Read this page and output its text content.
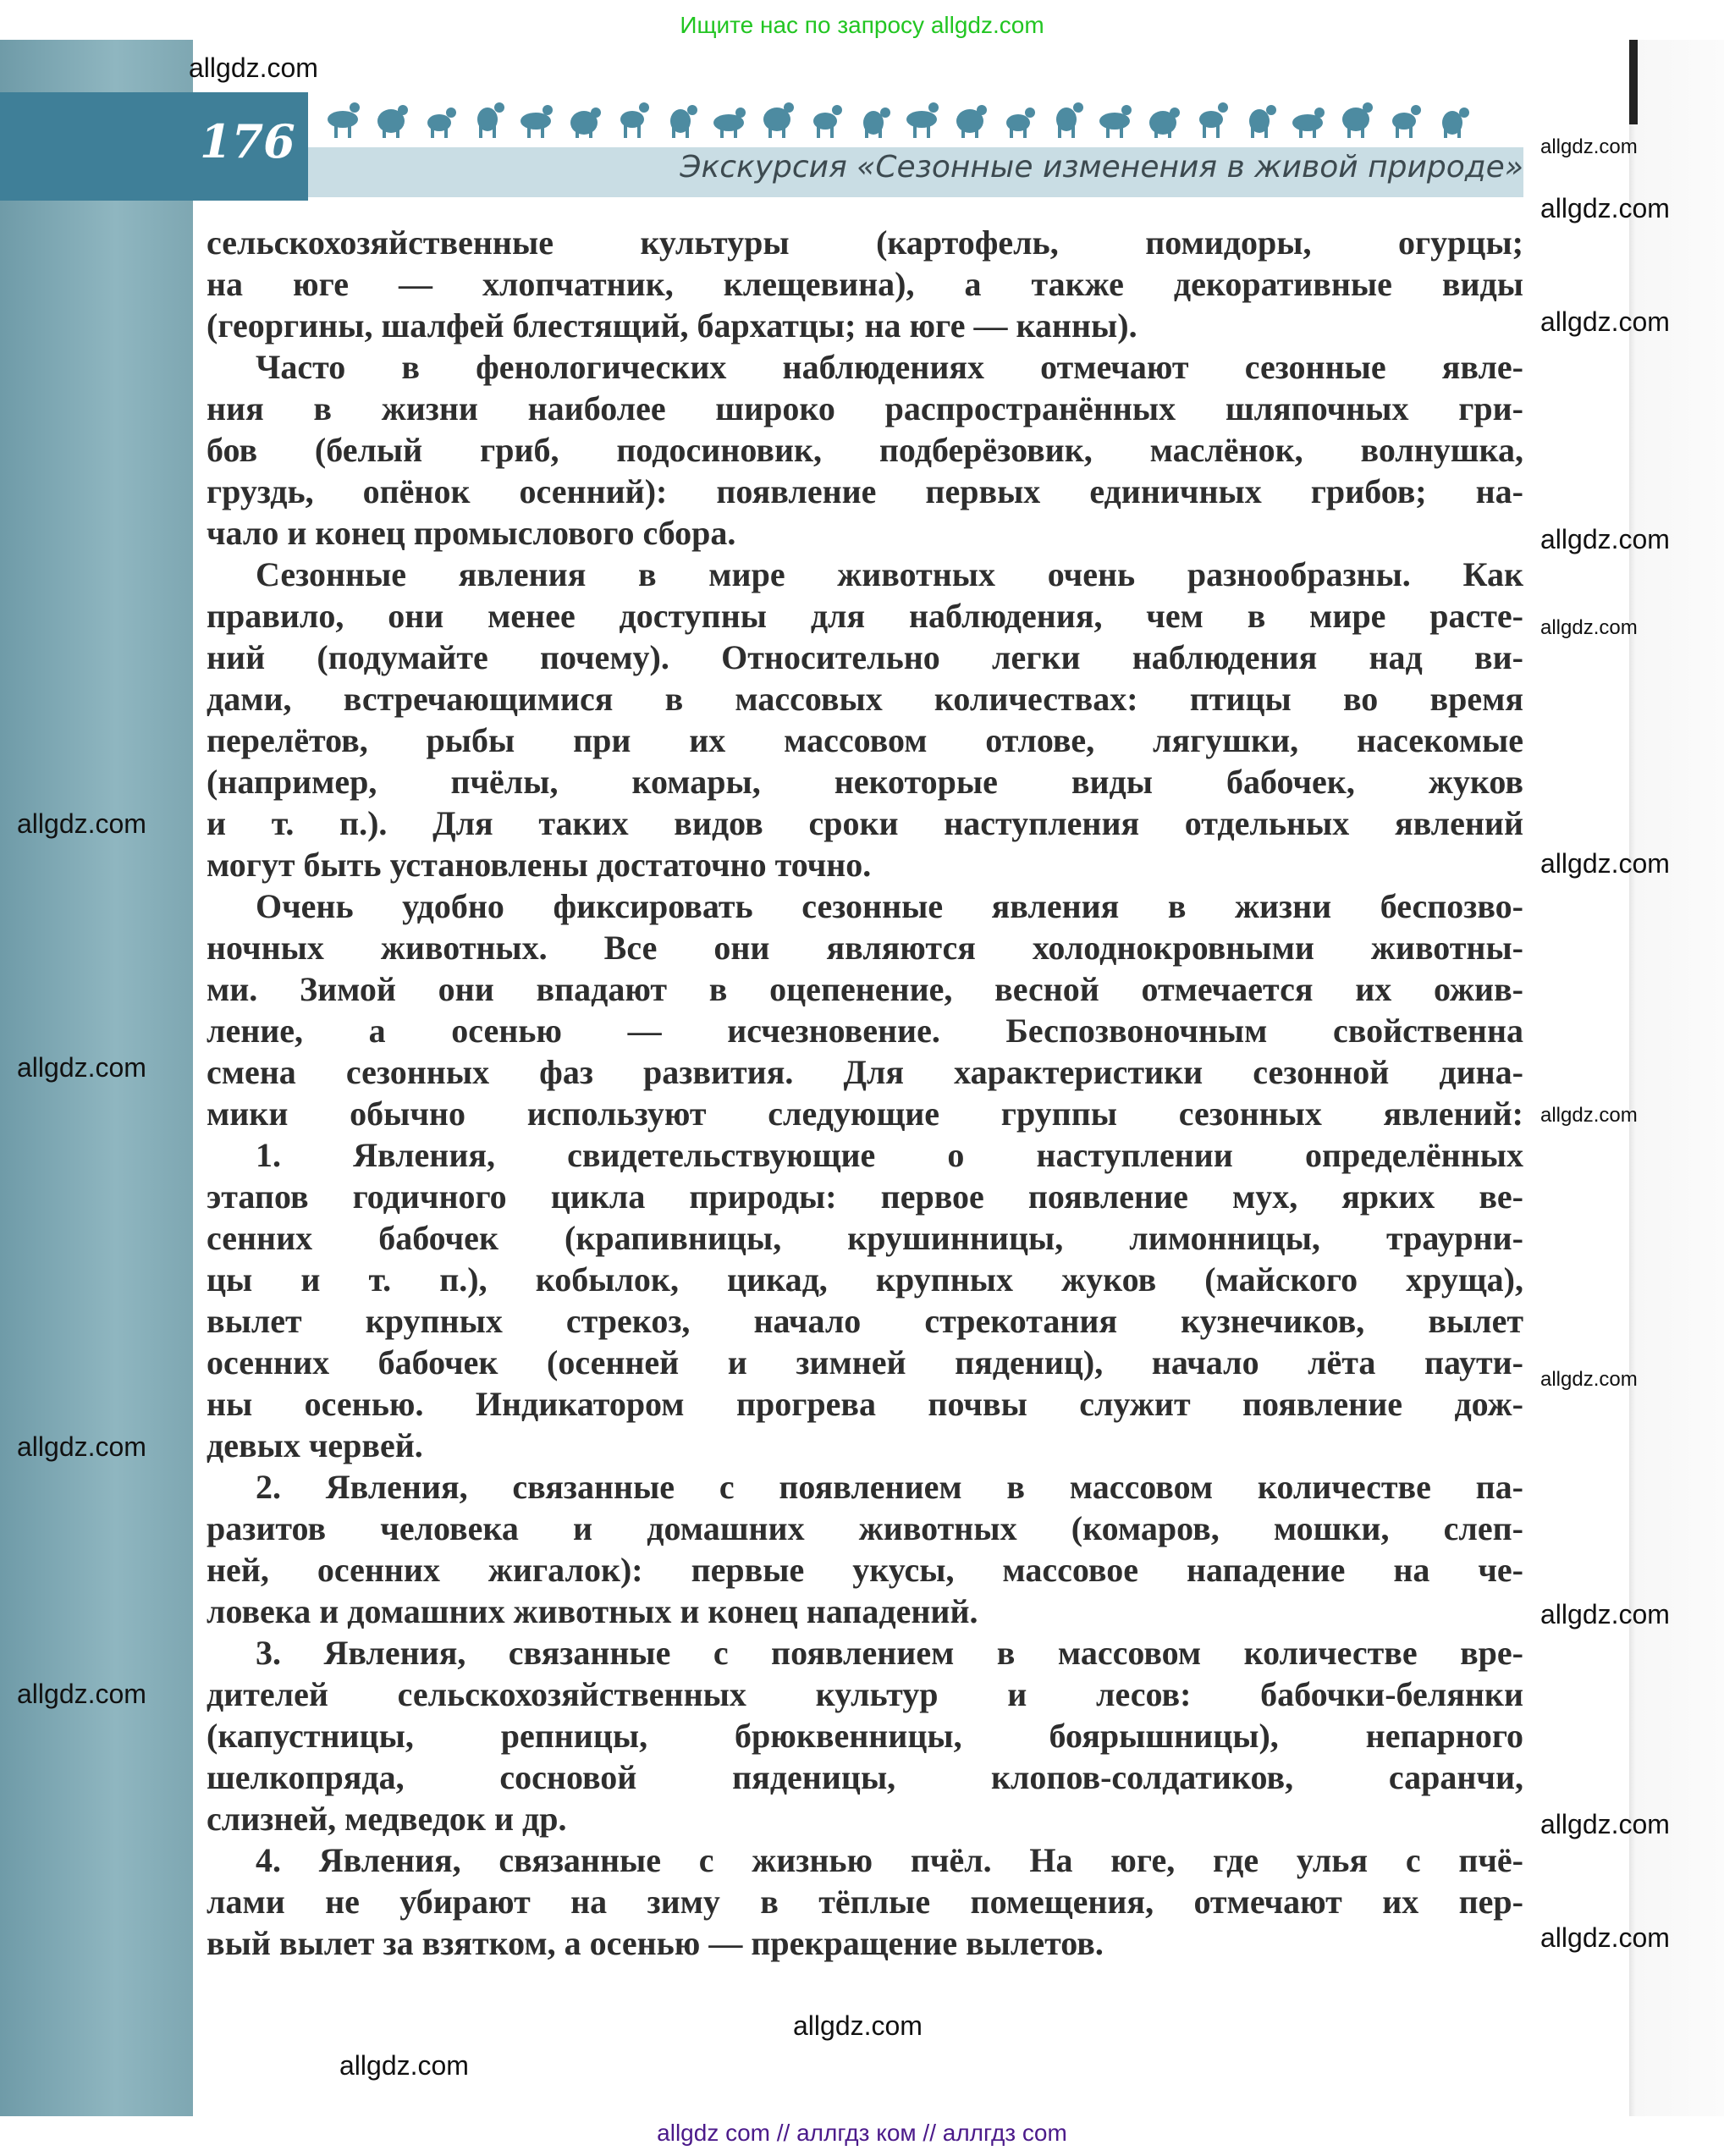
Ищите нас по запросу allgdz.com
176	Экскурсия «Сезонные изменения в живой природе»
сельскохозяйственные культуры (картофель, помидоры, огурцы;
на юге — хлопчатник, клещевина), а также декоративные виды
(георгины, шалфей блестящий, бархатцы; на юге — канны).
Часто в фенологических наблюдениях отмечают сезонные явле-
ния в жизни наиболее широко распространённых шляпочных гри-
бов (белый гриб, подосиновик, подберёзовик, маслёнок, волнушка,
груздь, опёнок осенний): появление первых единичных грибов; на-
чало и конец промыслового сбора.
Сезонные явления в мире животных очень разнообразны. Как
правило, они менее доступны для наблюдения, чем в мире расте-
ний (подумайте почему). Относительно легки наблюдения над ви-
дами, встречающимися в массовых количествах: птицы во время
перелётов, рыбы при их массовом отлове, лягушки, насекомые
(например, пчёлы, комары, некоторые виды бабочек, жуков
и т. п.). Для таких видов сроки наступления отдельных явлений
могут быть установлены достаточно точно.
Очень удобно фиксировать сезонные явления в жизни беспозво-
ночных животных. Все они являются холоднокровными животны-
ми. Зимой они впадают в оцепенение, весной отмечается их ожив-
ление, а осенью — исчезновение. Беспозвоночным свойственна
смена сезонных фаз развития. Для характеристики сезонной дина-
мики обычно используют следующие группы сезонных явлений:
1. Явления, свидетельствующие о наступлении определённых
этапов годичного цикла природы: первое появление мух, ярких ве-
сенних бабочек (крапивницы, крушинницы, лимонницы, траурни-
цы и т. п.), кобылок, цикад, крупных жуков (майского хруща),
вылет крупных стрекоз, начало стрекотания кузнечиков, вылет
осенних бабочек (осенней и зимней пядениц), начало лёта паути-
ны осенью. Индикатором прогрева почвы служит появление дож-
девых червей.
2. Явления, связанные с появлением в массовом количестве па-
разитов человека и домашних животных (комаров, мошки, слеп-
ней, осенних жигалок): первые укусы, массовое нападение на че-
ловека и домашних животных и конец нападений.
3. Явления, связанные с появлением в массовом количестве вре-
дителей сельскохозяйственных культур и лесов: бабочки-белянки
(капустницы, репницы, брюквенницы, боярышницы), непарного
шелкопряда, сосновой пяденицы, клопов-солдатиков, саранчи,
слизней, медведок и др.
4. Явления, связанные с жизнью пчёл. На юге, где улья с пчё-
лами не убирают на зиму в тёплые помещения, отмечают их пер-
вый вылет за взятком, а осенью — прекращение вылетов.
allgdz.com
allgdz.com
allgdz.com
allgdz.com
allgdz.com
allgdz.com
allgdz.com
allgdz.com
allgdz.com
allgdz.com
allgdz.com
allgdz.com
allgdz.com
allgdz.com
allgdz.com
allgdz.com
allgdz.com
allgdz.com
allgdz com // аллгдз ком // аллгдз com
